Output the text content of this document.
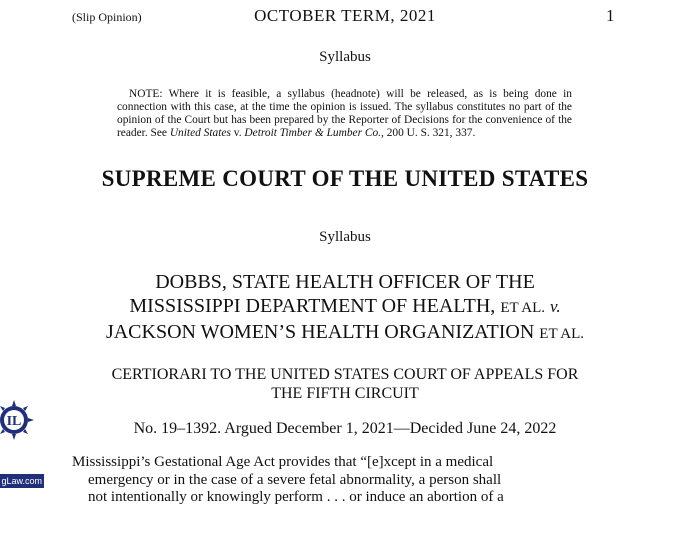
(Slip Opinion)	OCTOBER TERM, 2021	1
Syllabus
NOTE: Where it is feasible, a syllabus (headnote) will be released, as is being done in connection with this case, at the time the opinion is issued. The syllabus constitutes no part of the opinion of the Court but has been prepared by the Reporter of Decisions for the convenience of the reader. See United States v. Detroit Timber & Lumber Co., 200 U. S. 321, 337.
SUPREME COURT OF THE UNITED STATES
Syllabus
DOBBS, STATE HEALTH OFFICER OF THE
MISSISSIPPI DEPARTMENT OF HEALTH, ET AL. v.
JACKSON WOMEN’S HEALTH ORGANIZATION ET AL.
CERTIORARI TO THE UNITED STATES COURT OF APPEALS FOR
THE FIFTH CIRCUIT
No. 19–1392. Argued December 1, 2021—Decided June 24, 2022
Mississippi’s Gestational Age Act provides that “[e]xcept in a medical
emergency or in the case of a severe fetal abnormality, a person shall
not intentionally or knowingly perform . . . or induce an abortion of a
IL
gLaw.com
